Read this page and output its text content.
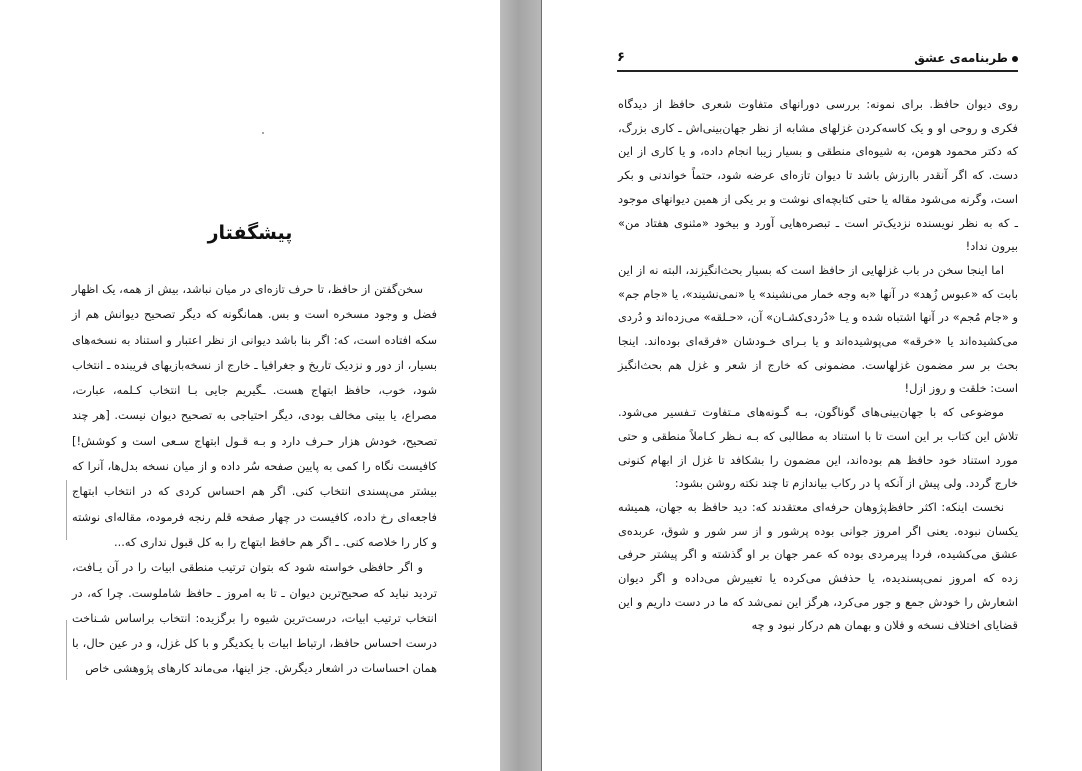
پیشگفتار

سخن‌گفتن از حافظ، تا حرف تازه‌ای در میان نباشد، بیش از همه، یک اظهار فضل و وجود مسخره است و بس. همانگونه که دیگر تصحیح دیوانش هم از سکه افتاده است، که: اگر بنا باشد دیوانی از نظر اعتبار و استناد به نسخه‌های بسیار، از دور و نزدیک تاریخ و جغرافیا ـ خارج از نسخه‌بازیهای فریبنده ـ انتخاب شود، خوب، حافظ ابتهاج هست. ـگیریم جایی بـا انتخاب کـلمه، عبارت، مصراع، یا بیتی مخالف بودی، دیگر احتیاجی به تصحیح دیوان نیست. [هر چند تصحیح، خودش هزار حـرف دارد و بـه قـول ابتهاج سـعی است و کوشش!] کافیست نگاه را کمی به پایین صفحه سُر داده و از میان نسخه بدل‌ها، آنرا که بیشتر می‌پسندی انتخاب کنی. اگر هم احساس کردی که در انتخاب ابتهاج فاجعه‌ای رخ داده، کافیست در چهار صفحه قلم رنجه فرموده، مقاله‌ای نوشته و کار را خلاصه کنی. ـ اگر هم حافظ ابتهاج را به کل قبول نداری که...

و اگر حافظی خواسته شود که بتوان ترتیب منطقی ابیات را در آن یـافت، تردید نباید که صحیح‌ترین دیوان ـ تا به امروز ـ حافظ شاملوست. چرا که، در انتخاب ترتیب ابیات، درست‌ترین شیوه را برگزیده: انتخاب براساس شـناخت درست احساس حافظ، ارتباط ابیات با یکدیگر و با کل غزل، و در عین حال، با همان احساسات در اشعار دیگرش. جز اینها، می‌ماند کارهای پژوهشی خاص

۶	طربنامه‌ی عشق

روی دیوان حافظ. برای نمونه: بررسی دورانهای متفاوت شعری حافظ از دیدگاه فکری و روحی او و یک کاسه‌کردن غزلهای مشابه از نظر جهان‌بینی‌اش ـ کاری بزرگ، که دکتر محمود هومن، به شیوه‌ای منطقی و بسیار زیبا انجام داده، و یا کاری از این دست. که اگر آنقدر باارزش باشد تا دیوان تازه‌ای عرضه شود، حتماً خواندنی و بکر است، وگرنه می‌شود مقاله یا حتی کتابچه‌ای نوشت و بر یکی از همین دیوانهای موجود ـ که به نظر نویسنده نزدیک‌تر است ـ تبصره‌هایی آورد و بیخود «مثنوی هفتاد من» بیرون نداد!

اما اینجا سخن در باب غزلهایی از حافظ است که بسیار بحث‌انگیزند، البته نه از این بابت که «عبوس زُهد» در آنها «به وجه خمار می‌نشیند» یا «نمی‌نشیند»، یا «جام جم» و «جام مُجم» در آنها اشتباه شده و یـا «دُردی‌کشـان» آن، «حـلقه» می‌زده‌اند و دُردی می‌کشیده‌اند یا «خرقه» می‌پوشیده‌اند و یا بـرای خـودشان «فرقه‌ای بوده‌اند. اینجا بحث بر سر مضمون غزلهاست. مضمونی که خارج از شعر و غزل هم بحث‌انگیز است: خلقت و روز ازل!

موضوعی که با جهان‌بینی‌های گوناگون، بـه گـونه‌های مـتفاوت تـفسیر می‌شود. تلاش این کتاب بر این است تا با استناد به مطالبی که بـه نـظر کـاملاً منطقی و حتی مورد استناد خود حافظ هم بوده‌اند، این مضمون را بشکافد تا غزل از ابهام کنونی خارج گردد. ولی پیش از آنکه پا در رکاب بیاندازم تا چند نکته روشن بشود:

نخست اینکه: اکثر حافظ‌پژوهان حرفه‌ای معتقدند که: دید حافظ به جهان، همیشه یکسان نبوده. یعنی اگر امروز جوانی بوده پرشور و از سر شور و شوق، عربده‌ی عشق می‌کشیده، فردا پیرمردی بوده که عمر جهان بر او گذشته و اگر پیشتر حرفی زده که امروز نمی‌پسندیده، یا حذفش می‌کرده یا تغییرش می‌داده و اگر دیوان اشعارش را خودش جمع و جور می‌کرد، هرگز این نمی‌شد که ما در دست داریم و این قضایای اختلاف نسخه و فلان و بهمان هم درکار نبود و چه
